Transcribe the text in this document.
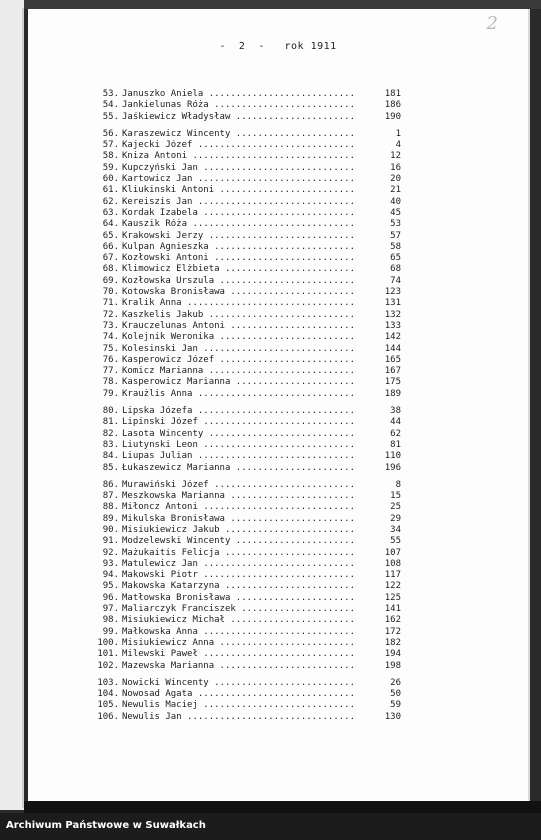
2
-  2  -   rok 1911
53. Januszko Aniela ...........................	181
54. Jankielunas Róża ..........................	186
55. Jaśkiewicz Władysław ......................	190
56. Karaszewicz Wincenty ......................	1
57. Kajecki Józef .............................	4
58. Kniza Antoni ..............................	12
59. Kupczyński Jan ............................	16
60. Kartowicz Jan .............................	20
61. Kliukinski Antoni .........................	21
62. Kereiszis Jan .............................	40
63. Kordak Izabela ............................	45
64. Kauszik Róża ..............................	53
65. Krakowski Jerzy ...........................	57
66. Kulpan Agnieszka ..........................	58
67. Kozłowski Antoni ..........................	65
68. Klimowicz Elżbieta ........................	68
69. Kozłowska Urszula .........................	74
70. Kotowska Bronisława .......................	123
71. Kralik Anna ...............................	131
72. Kaszkelis Jakub ...........................	132
73. Krauczelunas Antoni .......................	133
74. Kolejnik Weronika .........................	142
75. Kolesinski Jan ............................	144
76. Kasperowicz Józef .........................	165
77. Komicz Marianna ...........................	167
78. Kasperowicz Marianna ......................	175
79. Kraużlis Anna .............................	189
80. Lipska Józefa .............................	38
81. Lipinski Józef ............................	44
82. Lasota Wincenty ...........................	62
83. Liutynski Leon ............................	81
84. Liupas Julian .............................	110
85. Łukaszewicz Marianna ......................	196
86. Murawiński Józef ..........................	8
87. Meszkowska Marianna .......................	15
88. Miłoncz Antoni ............................	25
89. Mikulska Bronisława .......................	29
90. Misiukiewicz Jakub ........................	34
91. Modzelewski Wincenty ......................	55
92. Mażukaitis Felicja ........................	107
93. Matulewicz Jan ............................	108
94. Makowski Piotr ............................	117
95. Makowska Katarzyna ........................	122
96. Matłowska Bronisława ......................	125
97. Maliarczyk Franciszek .....................	141
98. Misiukiewicz Michał .......................	162
99. Małkowska Anna ............................	172
100. Misiukiewicz Anna .........................	182
101. Milewski Paweł ............................	194
102. Mazewska Marianna .........................	198
103. Nowicki Wincenty ..........................	26
104. Nowosad Agata .............................	50
105. Newulis Maciej ............................	59
106. Newulis Jan ...............................	130
Archiwum Państwowe w Suwałkach
